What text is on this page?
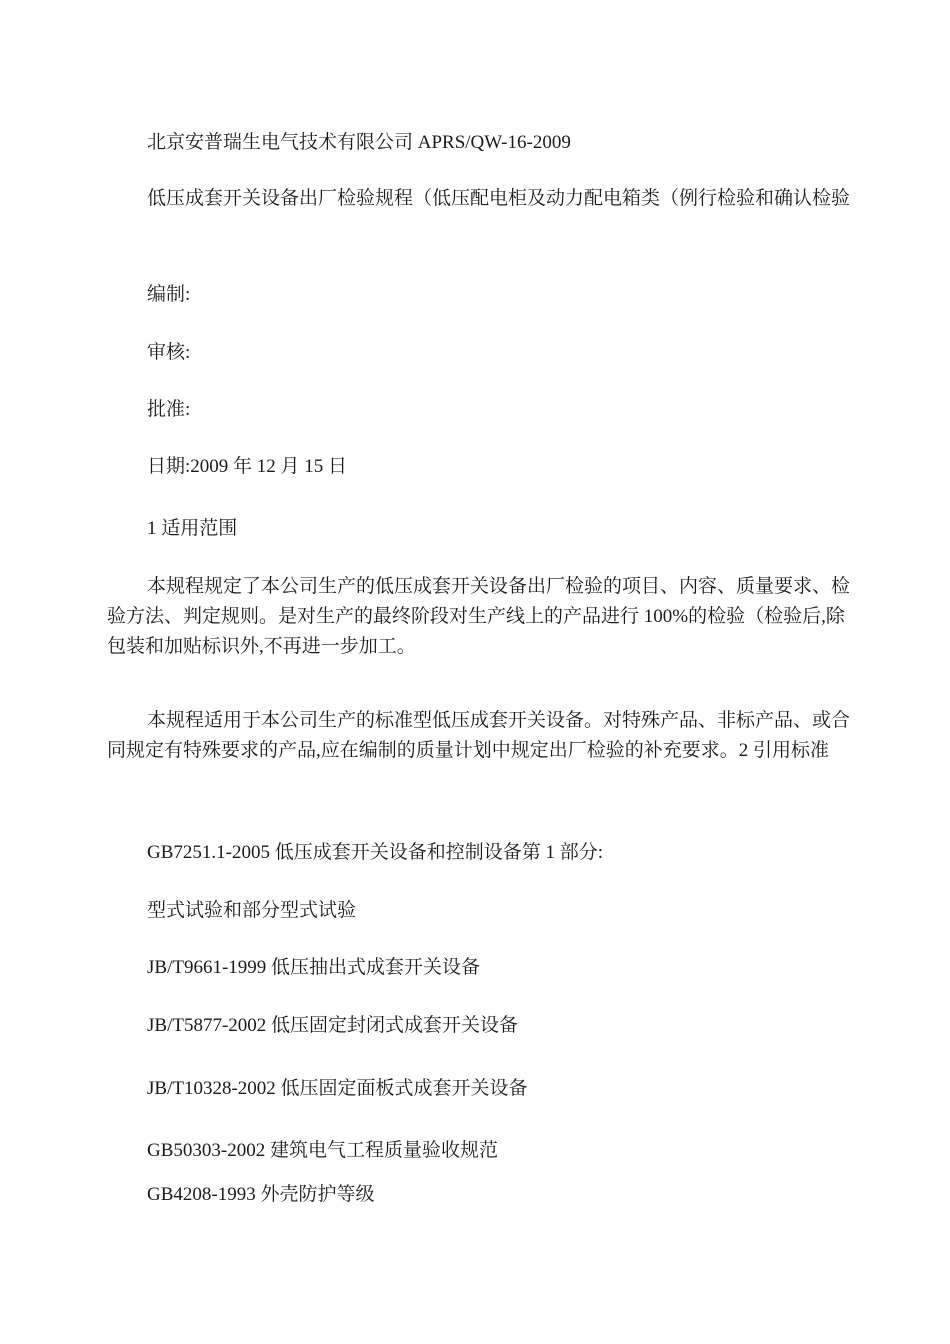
北京安普瑞生电气技术有限公司 APRS/QW-16-2009

低压成套开关设备出厂检验规程（低压配电柜及动力配电箱类（例行检验和确认检验

编制:

审核:

批准:

日期:2009 年 12 月 15 日

1 适用范围

本规程规定了本公司生产的低压成套开关设备出厂检验的项目、内容、质量要求、检验方法、判定规则。是对生产的最终阶段对生产线上的产品进行 100%的检验（检验后,除包装和加贴标识外,不再进一步加工。

本规程适用于本公司生产的标准型低压成套开关设备。对特殊产品、非标产品、或合同规定有特殊要求的产品,应在编制的质量计划中规定出厂检验的补充要求。2 引用标准

GB7251.1-2005 低压成套开关设备和控制设备第 1 部分:

型式试验和部分型式试验

JB/T9661-1999 低压抽出式成套开关设备

JB/T5877-2002 低压固定封闭式成套开关设备

JB/T10328-2002 低压固定面板式成套开关设备

GB50303-2002 建筑电气工程质量验收规范

GB4208-1993 外壳防护等级
